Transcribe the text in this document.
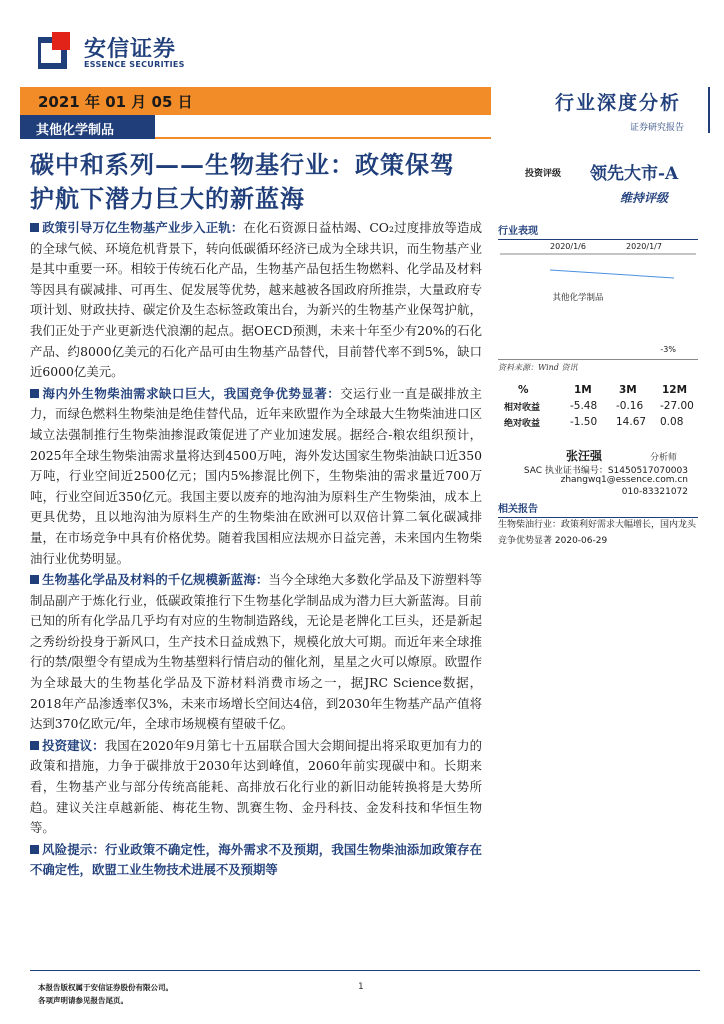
安信证券
ESSENCE SECURITIES
2021 年 01 月 05 日
其他化学制品
行业深度分析
证券研究报告
碳中和系列——生物基行业：政策保驾
护航下潜力巨大的新蓝海
投资评级 领先大市-A
维持评级

政策引导万亿生物基产业步入正轨：在化石资源日益枯竭、CO₂过度排放等造成的全球气候、环境危机背景下，转向低碳循环经济已成为全球共识，而生物基产业是其中重要一环。相较于传统石化产品，生物基产品包括生物燃料、化学品及材料等因具有碳减排、可再生、促发展等优势，越来越被各国政府所推崇，大量政府专项计划、财政扶持、碳定价及生态标签政策出台，为新兴的生物基产业保驾护航，我们正处于产业更新迭代浪潮的起点。据OECD预测，未来十年至少有20%的石化产品、约8000亿美元的石化产品可由生物基产品替代，目前替代率不到5%，缺口近6000亿美元。

海内外生物柴油需求缺口巨大，我国竞争优势显著：交运行业一直是碳排放主力，而绿色燃料生物柴油是绝佳替代品，近年来欧盟作为全球最大生物柴油进口区域立法强制推行生物柴油掺混政策促进了产业加速发展。据经合-粮农组织预计，2025年全球生物柴油需求量将达到4500万吨，海外发达国家生物柴油缺口近350万吨，行业空间近2500亿元；国内5%掺混比例下，生物柴油的需求量近700万吨，行业空间近350亿元。我国主要以废弃的地沟油为原料生产生物柴油，成本上更具优势，且以地沟油为原料生产的生物柴油在欧洲可以双倍计算二氧化碳减排量，在市场竞争中具有价格优势。随着我国相应法规亦日益完善，未来国内生物柴油行业优势明显。

生物基化学品及材料的千亿规模新蓝海：当今全球绝大多数化学品及下游塑料等制品副产于炼化行业，低碳政策推行下生物基化学制品成为潜力巨大新蓝海。目前已知的所有化学品几乎均有对应的生物制造路线，无论是老牌化工巨头，还是新起之秀纷纷投身于新风口，生产技术日益成熟下，规模化放大可期。而近年来全球推行的禁/限塑令有望成为生物基塑料行情启动的催化剂，星星之火可以燎原。欧盟作为全球最大的生物基化学品及下游材料消费市场之一，据JRC Science数据，2018年产品渗透率仅3%，未来市场增长空间达4倍，到2030年生物基产品产值将达到370亿欧元/年，全球市场规模有望破千亿。

投资建议：我国在2020年9月第七十五届联合国大会期间提出将采取更加有力的政策和措施，力争于碳排放于2030年达到峰值，2060年前实现碳中和。长期来看，生物基产业与部分传统高能耗、高排放石化行业的新旧动能转换将是大势所趋。建议关注卓越新能、梅花生物、凯赛生物、金丹科技、金发科技和华恒生物等。

风险提示：行业政策不确定性，海外需求不及预期，我国生物柴油添加政策存在不确定性，欧盟工业生物技术进展不及预期等

行业表现
2020/1/6	2020/1/7
其他化学制品
-3%
资料来源：Wind 资讯
%	1M	3M 12M
相对收益	-5.48 -0.16 -27.00
绝对收益	-1.50 14.67 0.08
张汪强	分析师
SAC 执业证书编号：S1450517070003
zhangwq1@essence.com.cn
010-83321072
相关报告
生物柴油行业：政策利好需求大幅增长，国内龙头竞争优势显著 2020-06-29
本报告版权属于安信证券股份有限公司。
各项声明请参见报告尾页。
1
